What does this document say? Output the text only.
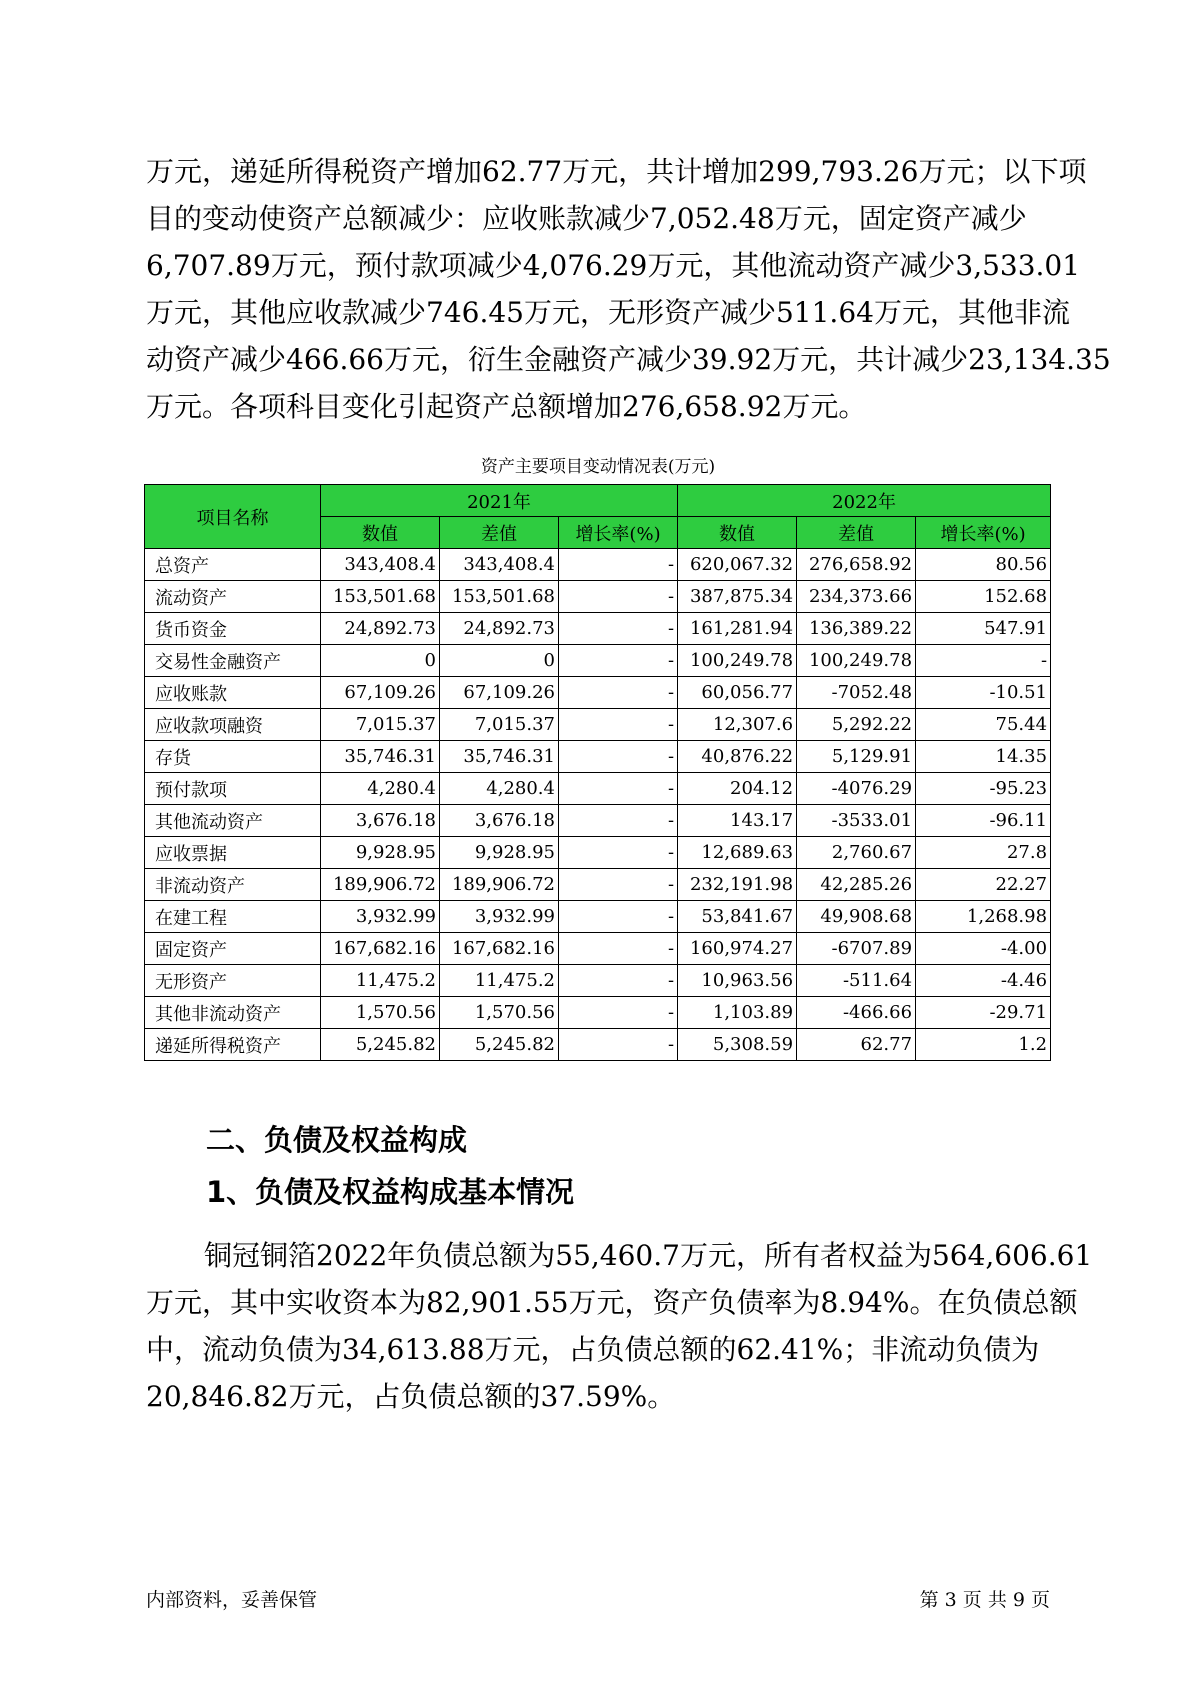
万元，递延所得税资产增加62.77万元，共计增加299,793.26万元；以下项
目的变动使资产总额减少：应收账款减少7,052.48万元，固定资产减少
6,707.89万元，预付款项减少4,076.29万元，其他流动资产减少3,533.01
万元，其他应收款减少746.45万元，无形资产减少511.64万元，其他非流
动资产减少466.66万元，衍生金融资产减少39.92万元，共计减少23,134.35
万元。各项科目变化引起资产总额增加276,658.92万元。
资产主要项目变动情况表(万元)
项目名称	2021年			2022年		
	数值	差值	增长率(%)	数值	差值	增长率(%)
总资产	343,408.4	343,408.4	-	620,067.32	276,658.92	80.56
流动资产	153,501.68	153,501.68	-	387,875.34	234,373.66	152.68
货币资金	24,892.73	24,892.73	-	161,281.94	136,389.22	547.91
交易性金融资产	0	0	-	100,249.78	100,249.78	-
应收账款	67,109.26	67,109.26	-	60,056.77	-7052.48	-10.51
应收款项融资	7,015.37	7,015.37	-	12,307.6	5,292.22	75.44
存货	35,746.31	35,746.31	-	40,876.22	5,129.91	14.35
预付款项	4,280.4	4,280.4	-	204.12	-4076.29	-95.23
其他流动资产	3,676.18	3,676.18	-	143.17	-3533.01	-96.11
应收票据	9,928.95	9,928.95	-	12,689.63	2,760.67	27.8
非流动资产	189,906.72	189,906.72	-	232,191.98	42,285.26	22.27
在建工程	3,932.99	3,932.99	-	53,841.67	49,908.68	1,268.98
固定资产	167,682.16	167,682.16	-	160,974.27	-6707.89	-4.00
无形资产	11,475.2	11,475.2	-	10,963.56	-511.64	-4.46
其他非流动资产	1,570.56	1,570.56	-	1,103.89	-466.66	-29.71
递延所得税资产	5,245.82	5,245.82	-	5,308.59	62.77	1.2
二、负债及权益构成
1、负债及权益构成基本情况
铜冠铜箔2022年负债总额为55,460.7万元，所有者权益为564,606.61
万元，其中实收资本为82,901.55万元，资产负债率为8.94%。在负债总额
中，流动负债为34,613.88万元，占负债总额的62.41%；非流动负债为
20,846.82万元，占负债总额的37.59%。
内部资料，妥善保管	第 3 页 共 9 页
